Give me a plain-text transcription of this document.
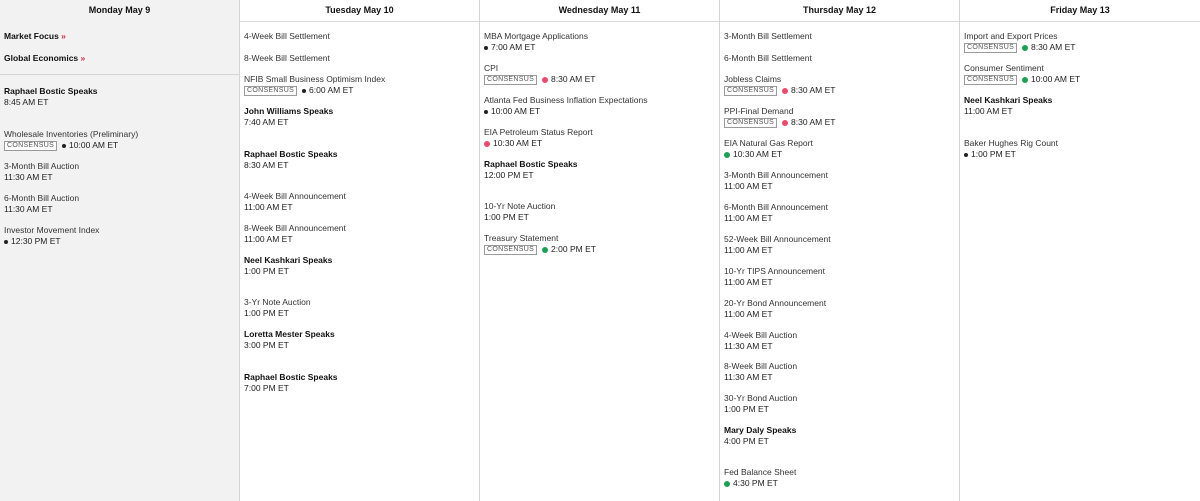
Monday May 9
Market Focus »
Global Economics »
Raphael Bostic Speaks
8:45 AM ET
Wholesale Inventories (Preliminary)
CONSENSUS	10:00 AM ET
3-Month Bill Auction
11:30 AM ET
6-Month Bill Auction
11:30 AM ET
Investor Movement Index
12:30 PM ET
Tuesday May 10
4-Week Bill Settlement
8-Week Bill Settlement
NFIB Small Business Optimism Index
CONSENSUS	6:00 AM ET
John Williams Speaks
7:40 AM ET
Raphael Bostic Speaks
8:30 AM ET
4-Week Bill Announcement
11:00 AM ET
8-Week Bill Announcement
11:00 AM ET
Neel Kashkari Speaks
1:00 PM ET
3-Yr Note Auction
1:00 PM ET
Loretta Mester Speaks
3:00 PM ET
Raphael Bostic Speaks
7:00 PM ET
Wednesday May 11
MBA Mortgage Applications
7:00 AM ET
CPI
CONSENSUS	8:30 AM ET
Atlanta Fed Business Inflation Expectations
10:00 AM ET
EIA Petroleum Status Report
10:30 AM ET
Raphael Bostic Speaks
12:00 PM ET
10-Yr Note Auction
1:00 PM ET
Treasury Statement
CONSENSUS	2:00 PM ET
Thursday May 12
3-Month Bill Settlement
6-Month Bill Settlement
Jobless Claims
CONSENSUS	8:30 AM ET
PPI-Final Demand
CONSENSUS	8:30 AM ET
EIA Natural Gas Report
10:30 AM ET
3-Month Bill Announcement
11:00 AM ET
6-Month Bill Announcement
11:00 AM ET
52-Week Bill Announcement
11:00 AM ET
10-Yr TIPS Announcement
11:00 AM ET
20-Yr Bond Announcement
11:00 AM ET
4-Week Bill Auction
11:30 AM ET
8-Week Bill Auction
11:30 AM ET
30-Yr Bond Auction
1:00 PM ET
Mary Daly Speaks
4:00 PM ET
Fed Balance Sheet
4:30 PM ET
Friday May 13
Import and Export Prices
CONSENSUS	8:30 AM ET
Consumer Sentiment
CONSENSUS	10:00 AM ET
Neel Kashkari Speaks
11:00 AM ET
Baker Hughes Rig Count
1:00 PM ET
